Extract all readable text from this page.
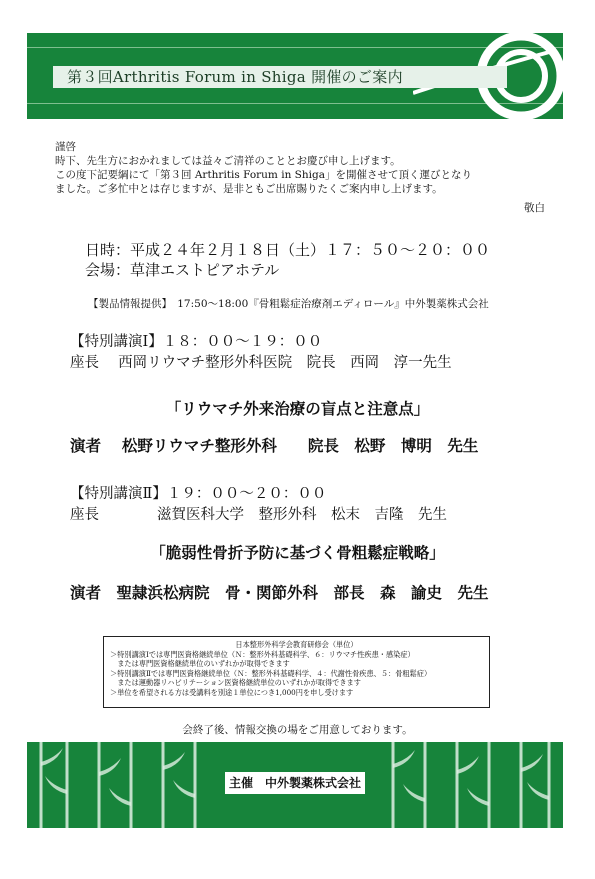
第３回Arthritis Forum in Shiga 開催のご案内

謹啓

時下、先生方におかれましては益々ご清祥のこととお慶び申し上げます。

この度下記要綱にて「第３回 Arthritis Forum in Shiga」を開催させて頂く運びとなり

ました。ご多忙中とは存じますが、是非ともご出席賜りたくご案内申し上げます。

敬白
日時：平成２４年２月１８日（土）１７：５０～２０：００
会場：草津エストピアホテル
【製品情報提供】　17:50～18:00『骨粗鬆症治療剤エディロール』中外製薬株式会社
【特別講演Ⅰ】１８：００～１９：００
座長　 西岡リウマチ整形外科医院　院長　西岡　淳一先生
「リウマチ外来治療の盲点と注意点」
演者　 松野リウマチ整形外科　　院長　松野　博明　先生
【特別講演Ⅱ】１９：００～２０：００
座長　　　　滋賀医科大学　整形外科　松末　吉隆　先生
「脆弱性骨折予防に基づく骨粗鬆症戦略」
演者　聖隷浜松病院　骨・関節外科　部長　森　諭史　先生

日本整形外科学会教育研修会（単位）

＞特別講演Ⅰでは専門医資格継続単位（Ｎ：整形外科基礎科学、６：リウマチ性疾患・感染症）

　または専門医資格継続単位のいずれかが取得できます

＞特別講演Ⅱでは専門医資格継続単位（Ｎ：整形外科基礎科学、４：代謝性骨疾患、５：骨粗鬆症）

　または運動器リハビリテーション医資格継続単位のいずれかが取得できます

＞単位を希望される方は受講料を別途１単位につき1,000円を申し受けます

会終了後、情報交換の場をご用意しております。
主催　中外製薬株式会社
